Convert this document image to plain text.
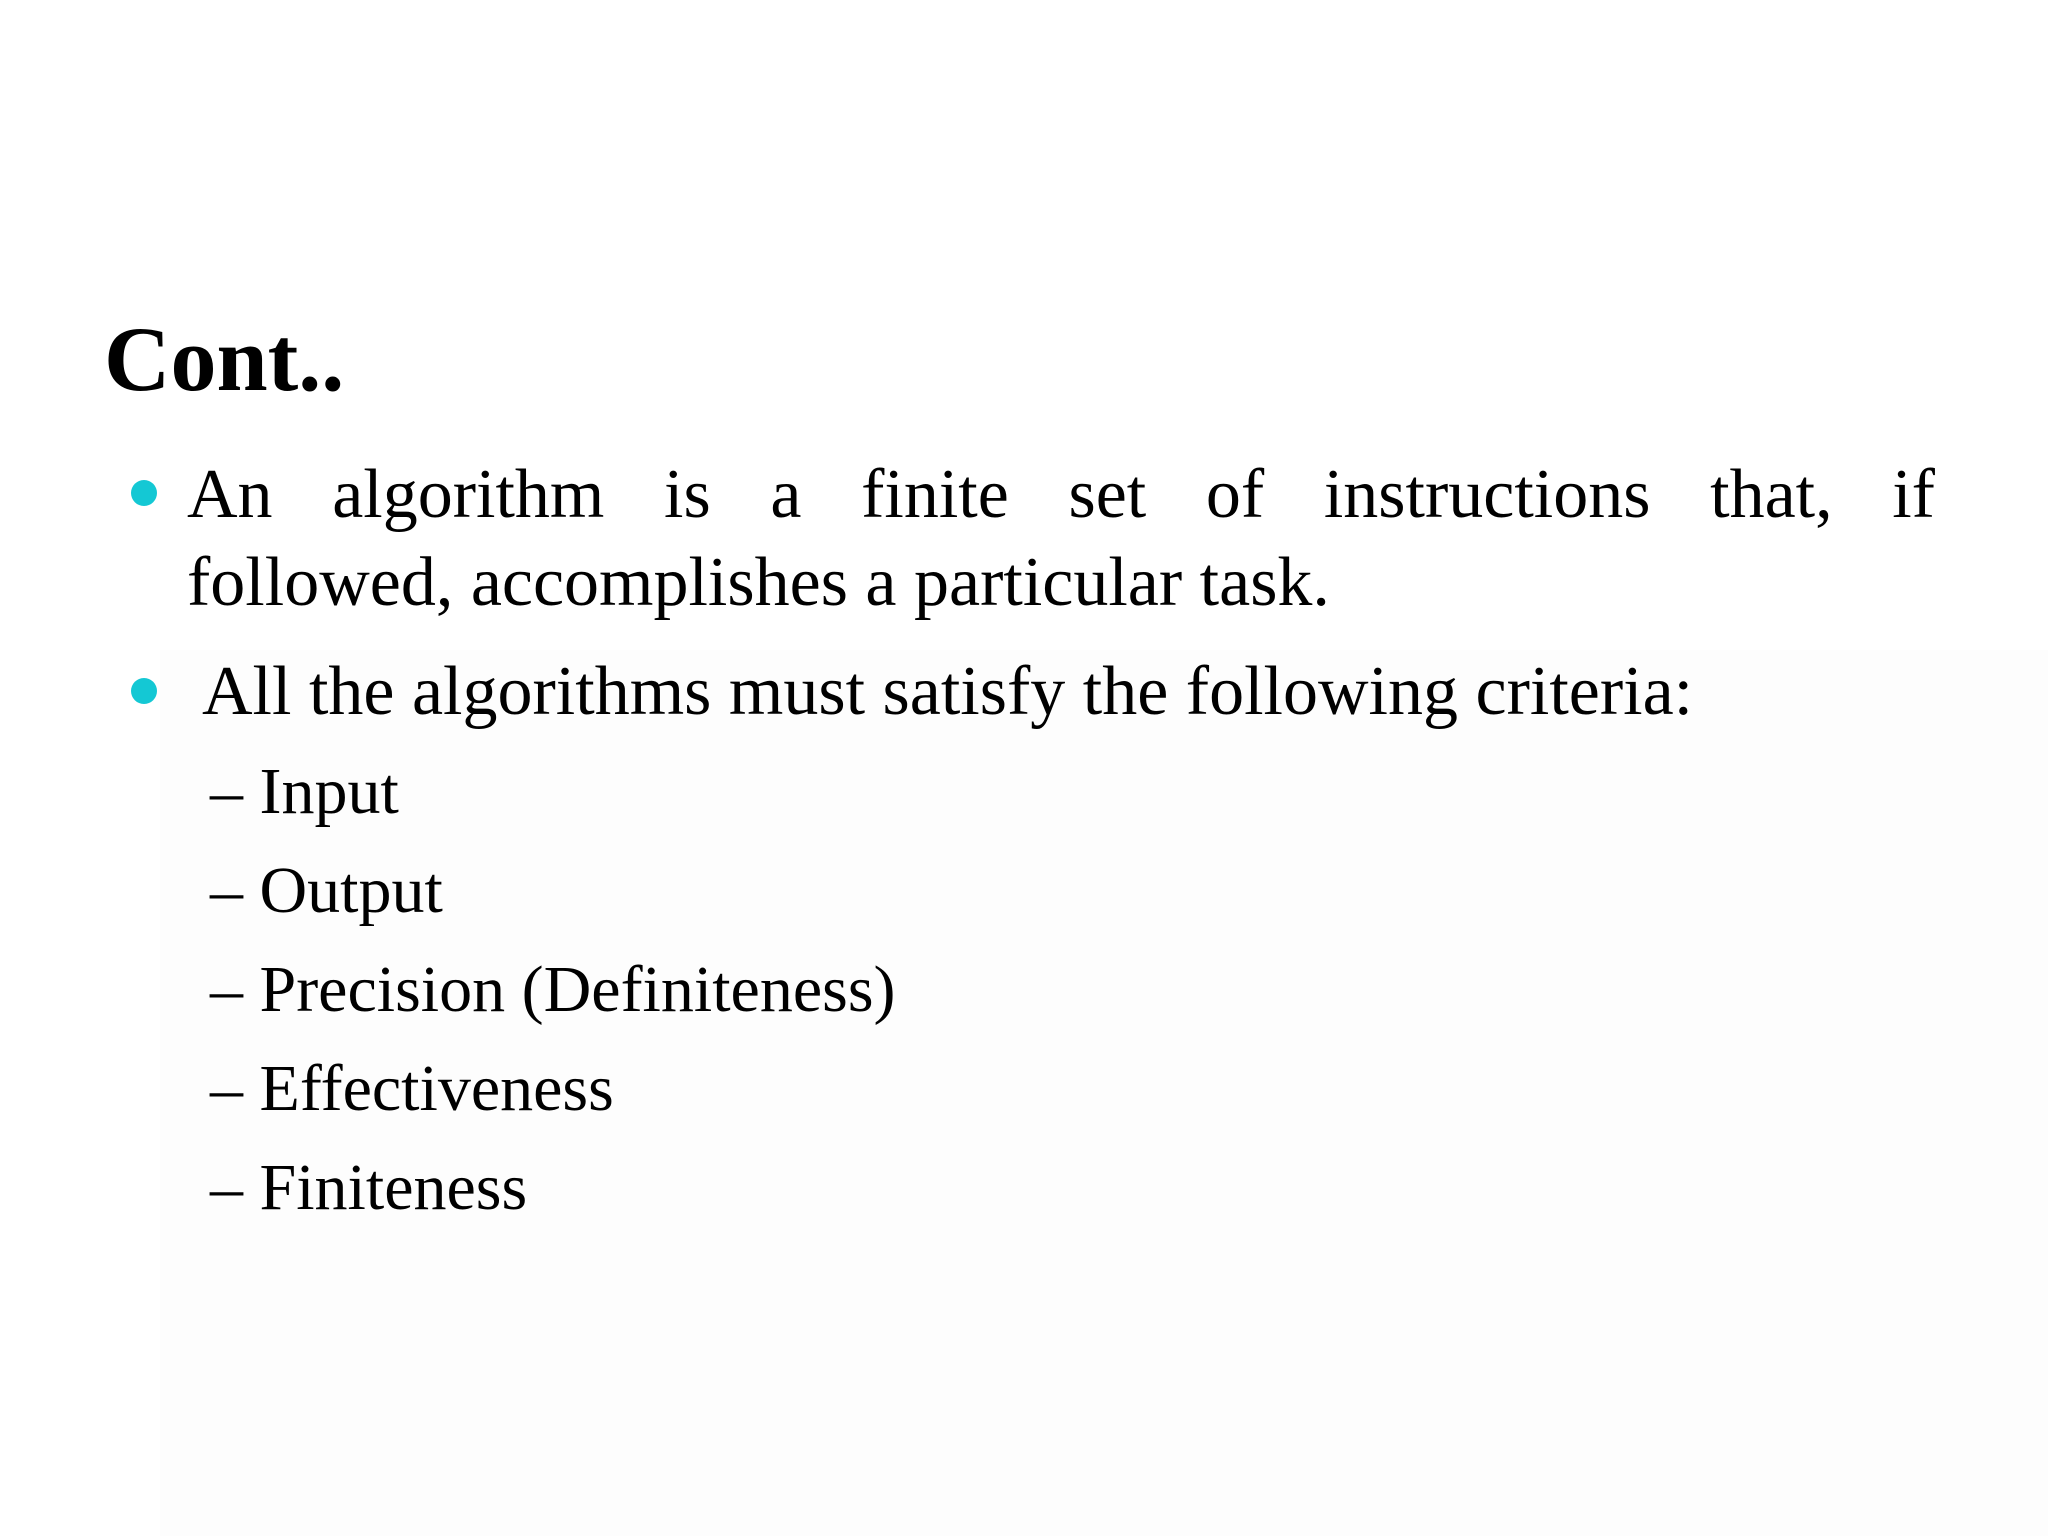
Cont..
An algorithm is a finite set of instructions that, if
followed, accomplishes a particular task.
All the algorithms must satisfy the following criteria:
– Input
– Output
– Precision (Definiteness)
– Effectiveness
– Finiteness
